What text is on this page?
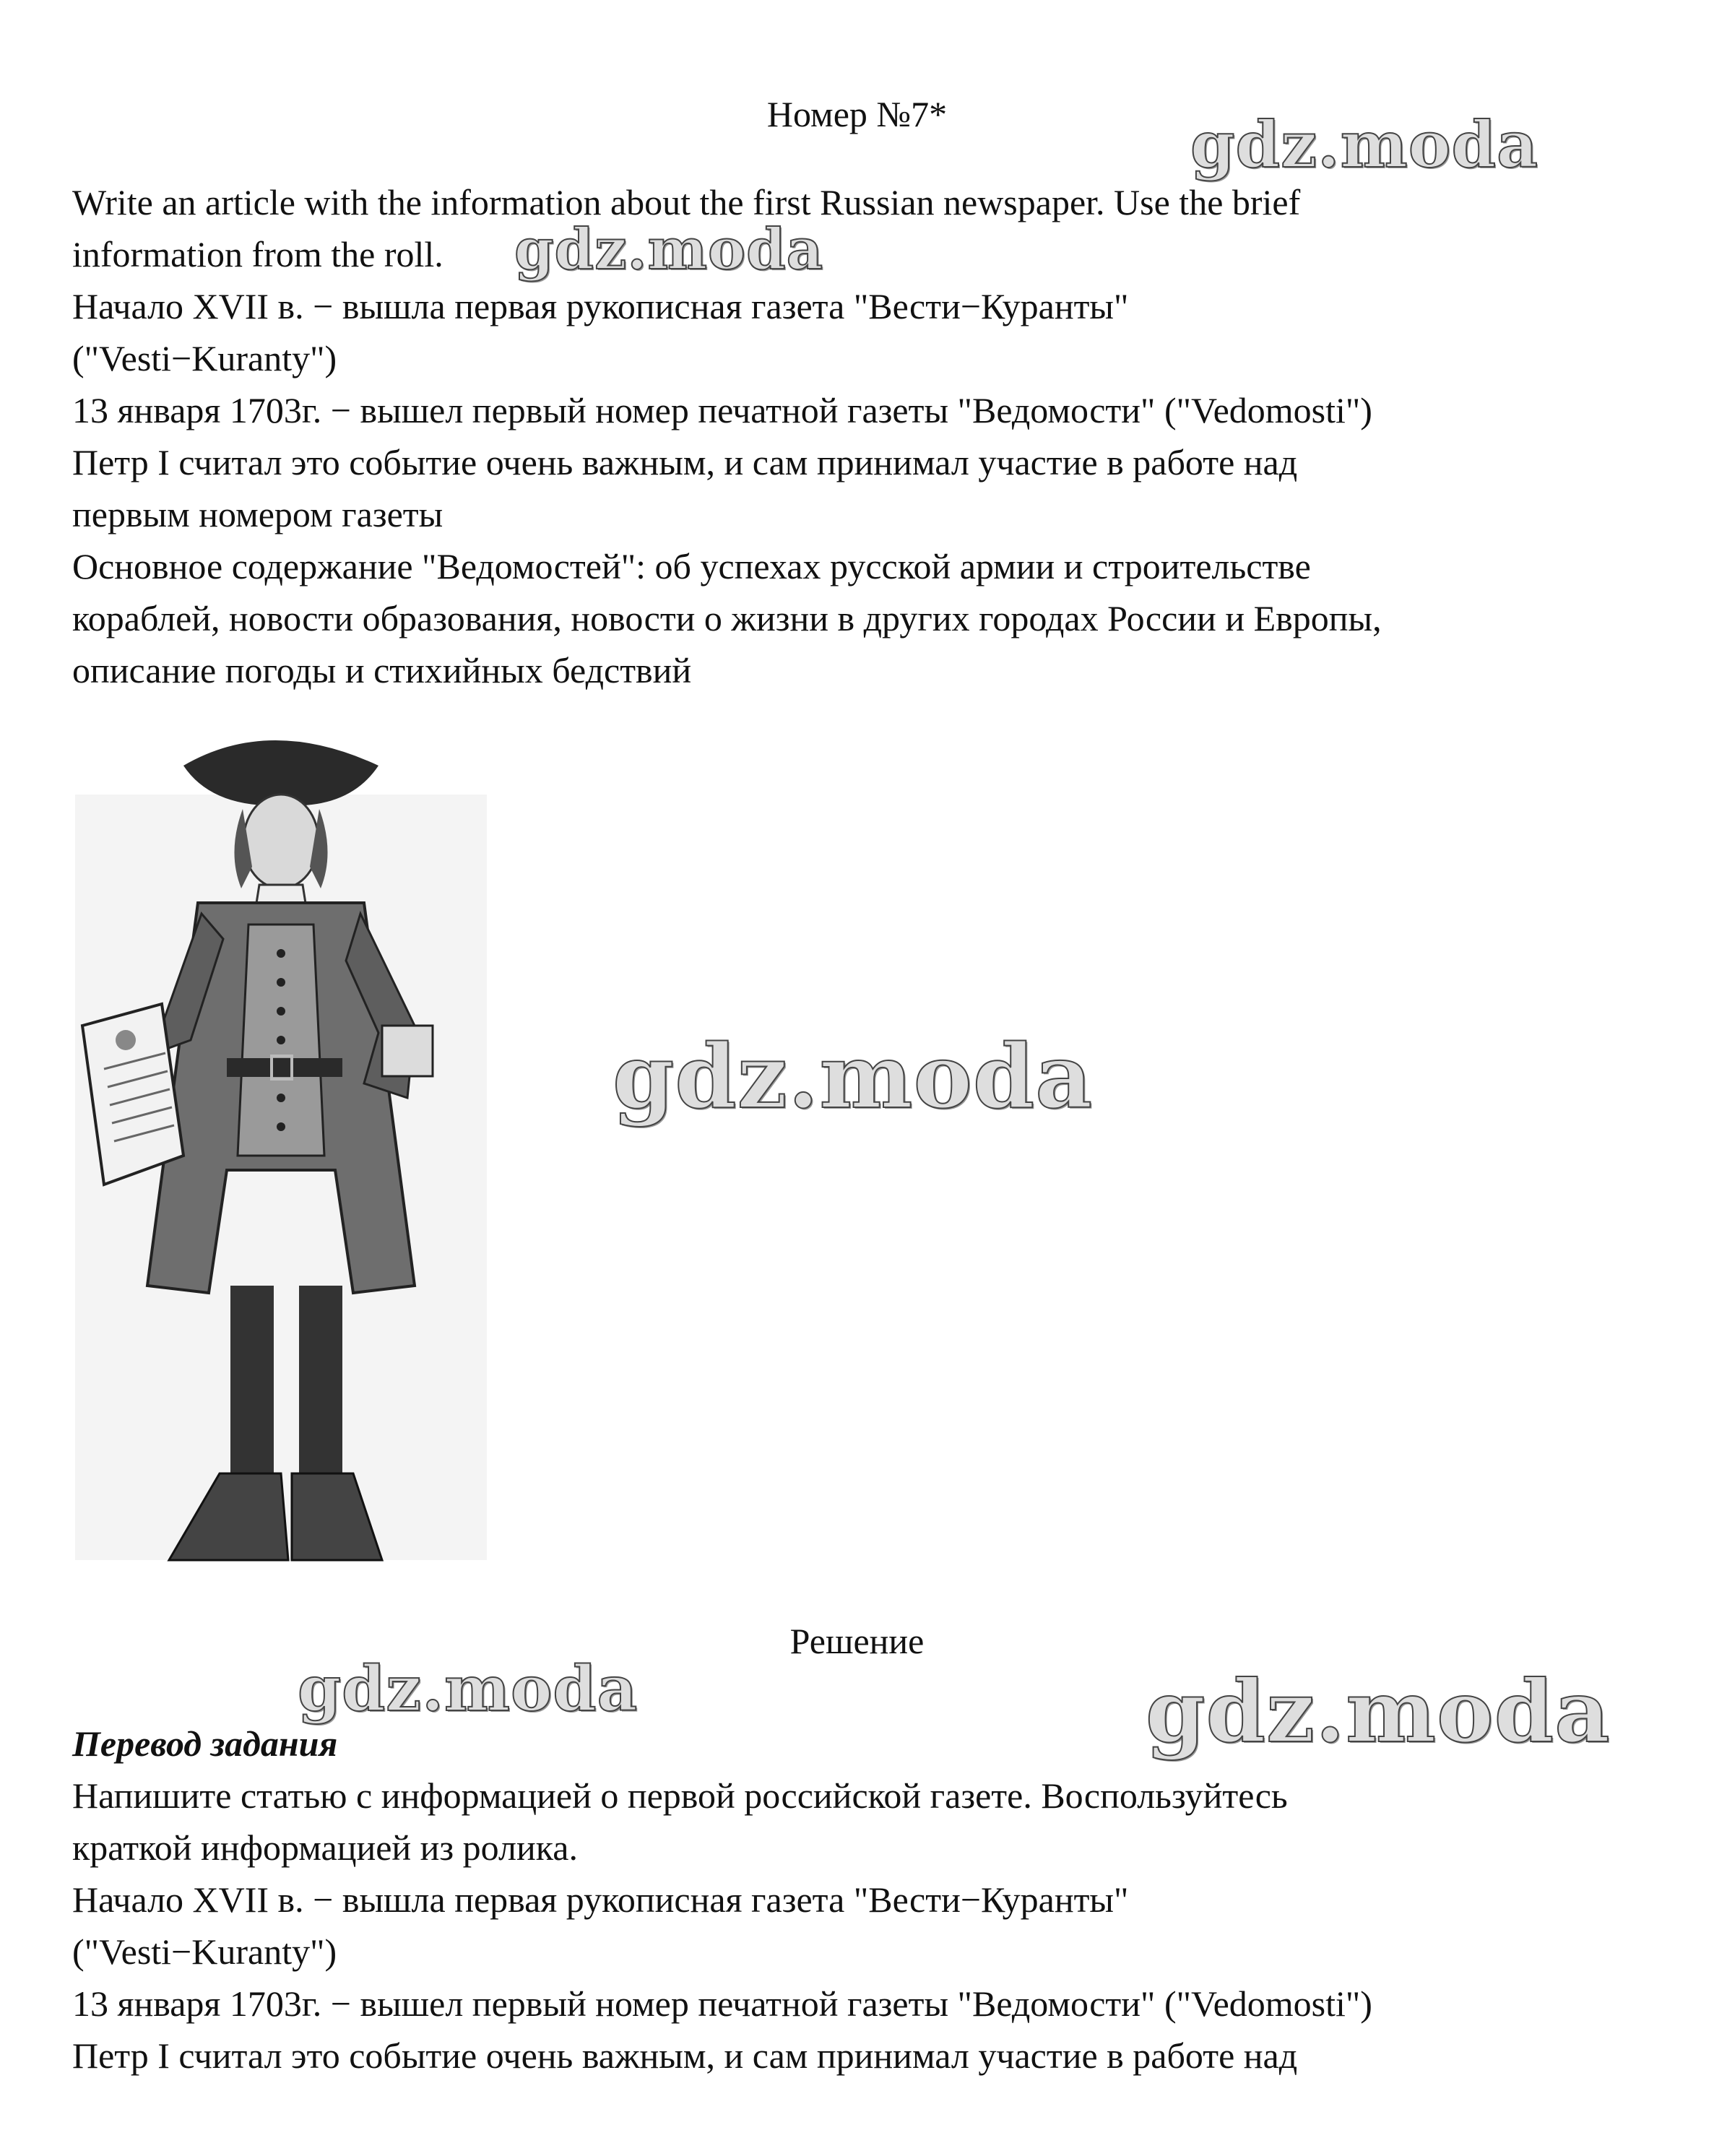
Номер №7*

Write an article with the information about the first Russian newspaper. Use the brief

information from the roll.

Начало XVII в. − вышла первая рукописная газета "Вести−Куранты"

("Vesti−Kuranty")

13 января 1703г. − вышел первый номер печатной газеты "Ведомости" ("Vedomosti")

Петр I считал это событие очень важным, и сам принимал участие в работе над

первым номером газеты

Основное содержание "Ведомостей": об успехах русской армии и строительстве

кораблей, новости образования, новости о жизни в других городах России и Европы,

описание погоды и стихийных бедствий

Решение
Перевод задания

Напишите статью с информацией о первой российской газете. Воспользуйтесь

краткой информацией из ролика.

Начало XVII в. − вышла первая рукописная газета "Вести−Куранты"

("Vesti−Kuranty")

13 января 1703г. − вышел первый номер печатной газеты "Ведомости" ("Vedomosti")

Петр I считал это событие очень важным, и сам принимал участие в работе над

gdz.moda
gdz.moda
gdz.moda
gdz.moda	gdz.moda
